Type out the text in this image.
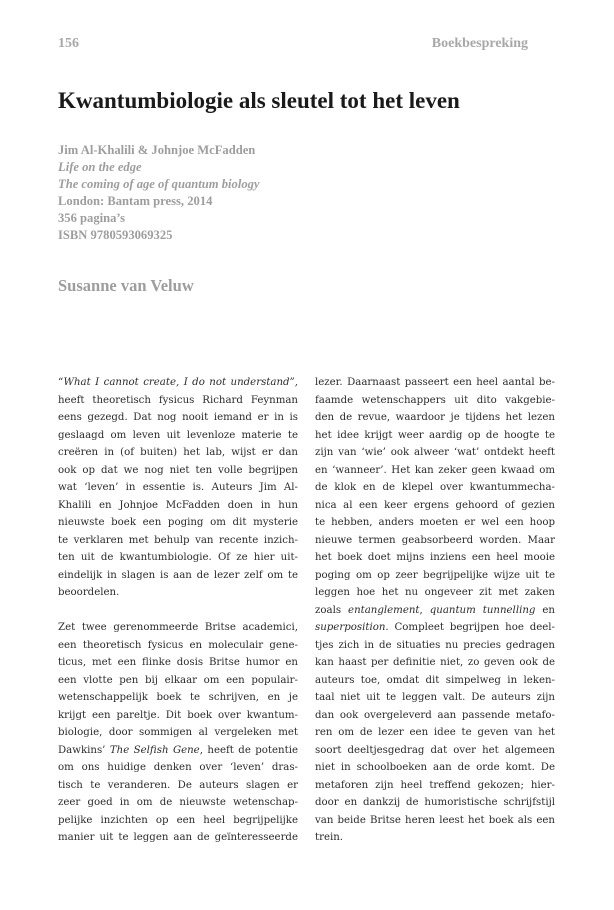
156	Boekbespreking
Kwantumbiologie als sleutel tot het leven
Jim Al-Khalili & Johnjoe McFadden
Life on the edge
The coming of age of quantum biology
London: Bantam press, 2014
356 pagina’s
ISBN 9780593069325
Susanne van Veluw
“What I cannot create, I do not understand”,
heeft theoretisch fysicus Richard Feynman
eens gezegd. Dat nog nooit iemand er in is
geslaagd om leven uit levenloze materie te
creëren in (of buiten) het lab, wijst er dan
ook op dat we nog niet ten volle begrijpen
wat ‘leven’ in essentie is. Auteurs Jim Al-
Khalili en Johnjoe McFadden doen in hun
nieuwste boek een poging om dit mysterie
te verklaren met behulp van recente inzich-
ten uit de kwantumbiologie. Of ze hier uit-
eindelijk in slagen is aan de lezer zelf om te
beoordelen.
Zet twee gerenommeerde Britse academici,
een theoretisch fysicus en moleculair gene-
ticus, met een flinke dosis Britse humor en
een vlotte pen bij elkaar om een populair-
wetenschappelijk boek te schrijven, en je
krijgt een pareltje. Dit boek over kwantum-
biologie, door sommigen al vergeleken met
Dawkins’ The Selfish Gene, heeft de potentie
om ons huidige denken over ‘leven’ dras-
tisch te veranderen. De auteurs slagen er
zeer goed in om de nieuwste wetenschap-
pelijke inzichten op een heel begrijpelijke
manier uit te leggen aan de geïnteresseerde
lezer. Daarnaast passeert een heel aantal be-
faamde wetenschappers uit dito vakgebie-
den de revue, waardoor je tijdens het lezen
het idee krijgt weer aardig op de hoogte te
zijn van ‘wie’ ook alweer ‘wat’ ontdekt heeft
en ‘wanneer’. Het kan zeker geen kwaad om
de klok en de klepel over kwantummecha-
nica al een keer ergens gehoord of gezien
te hebben, anders moeten er wel een hoop
nieuwe termen geabsorbeerd worden. Maar
het boek doet mijns inziens een heel mooie
poging om op zeer begrijpelijke wijze uit te
leggen hoe het nu ongeveer zit met zaken
zoals entanglement, quantum tunnelling en
superposition. Compleet begrijpen hoe deel-
tjes zich in de situaties nu precies gedragen
kan haast per definitie niet, zo geven ook de
auteurs toe, omdat dit simpelweg in leken-
taal niet uit te leggen valt. De auteurs zijn
dan ook overgeleverd aan passende metafo-
ren om de lezer een idee te geven van het
soort deeltjesgedrag dat over het algemeen
niet in schoolboeken aan de orde komt. De
metaforen zijn heel treffend gekozen; hier-
door en dankzij de humoristische schrijfstijl
van beide Britse heren leest het boek als een
trein.
